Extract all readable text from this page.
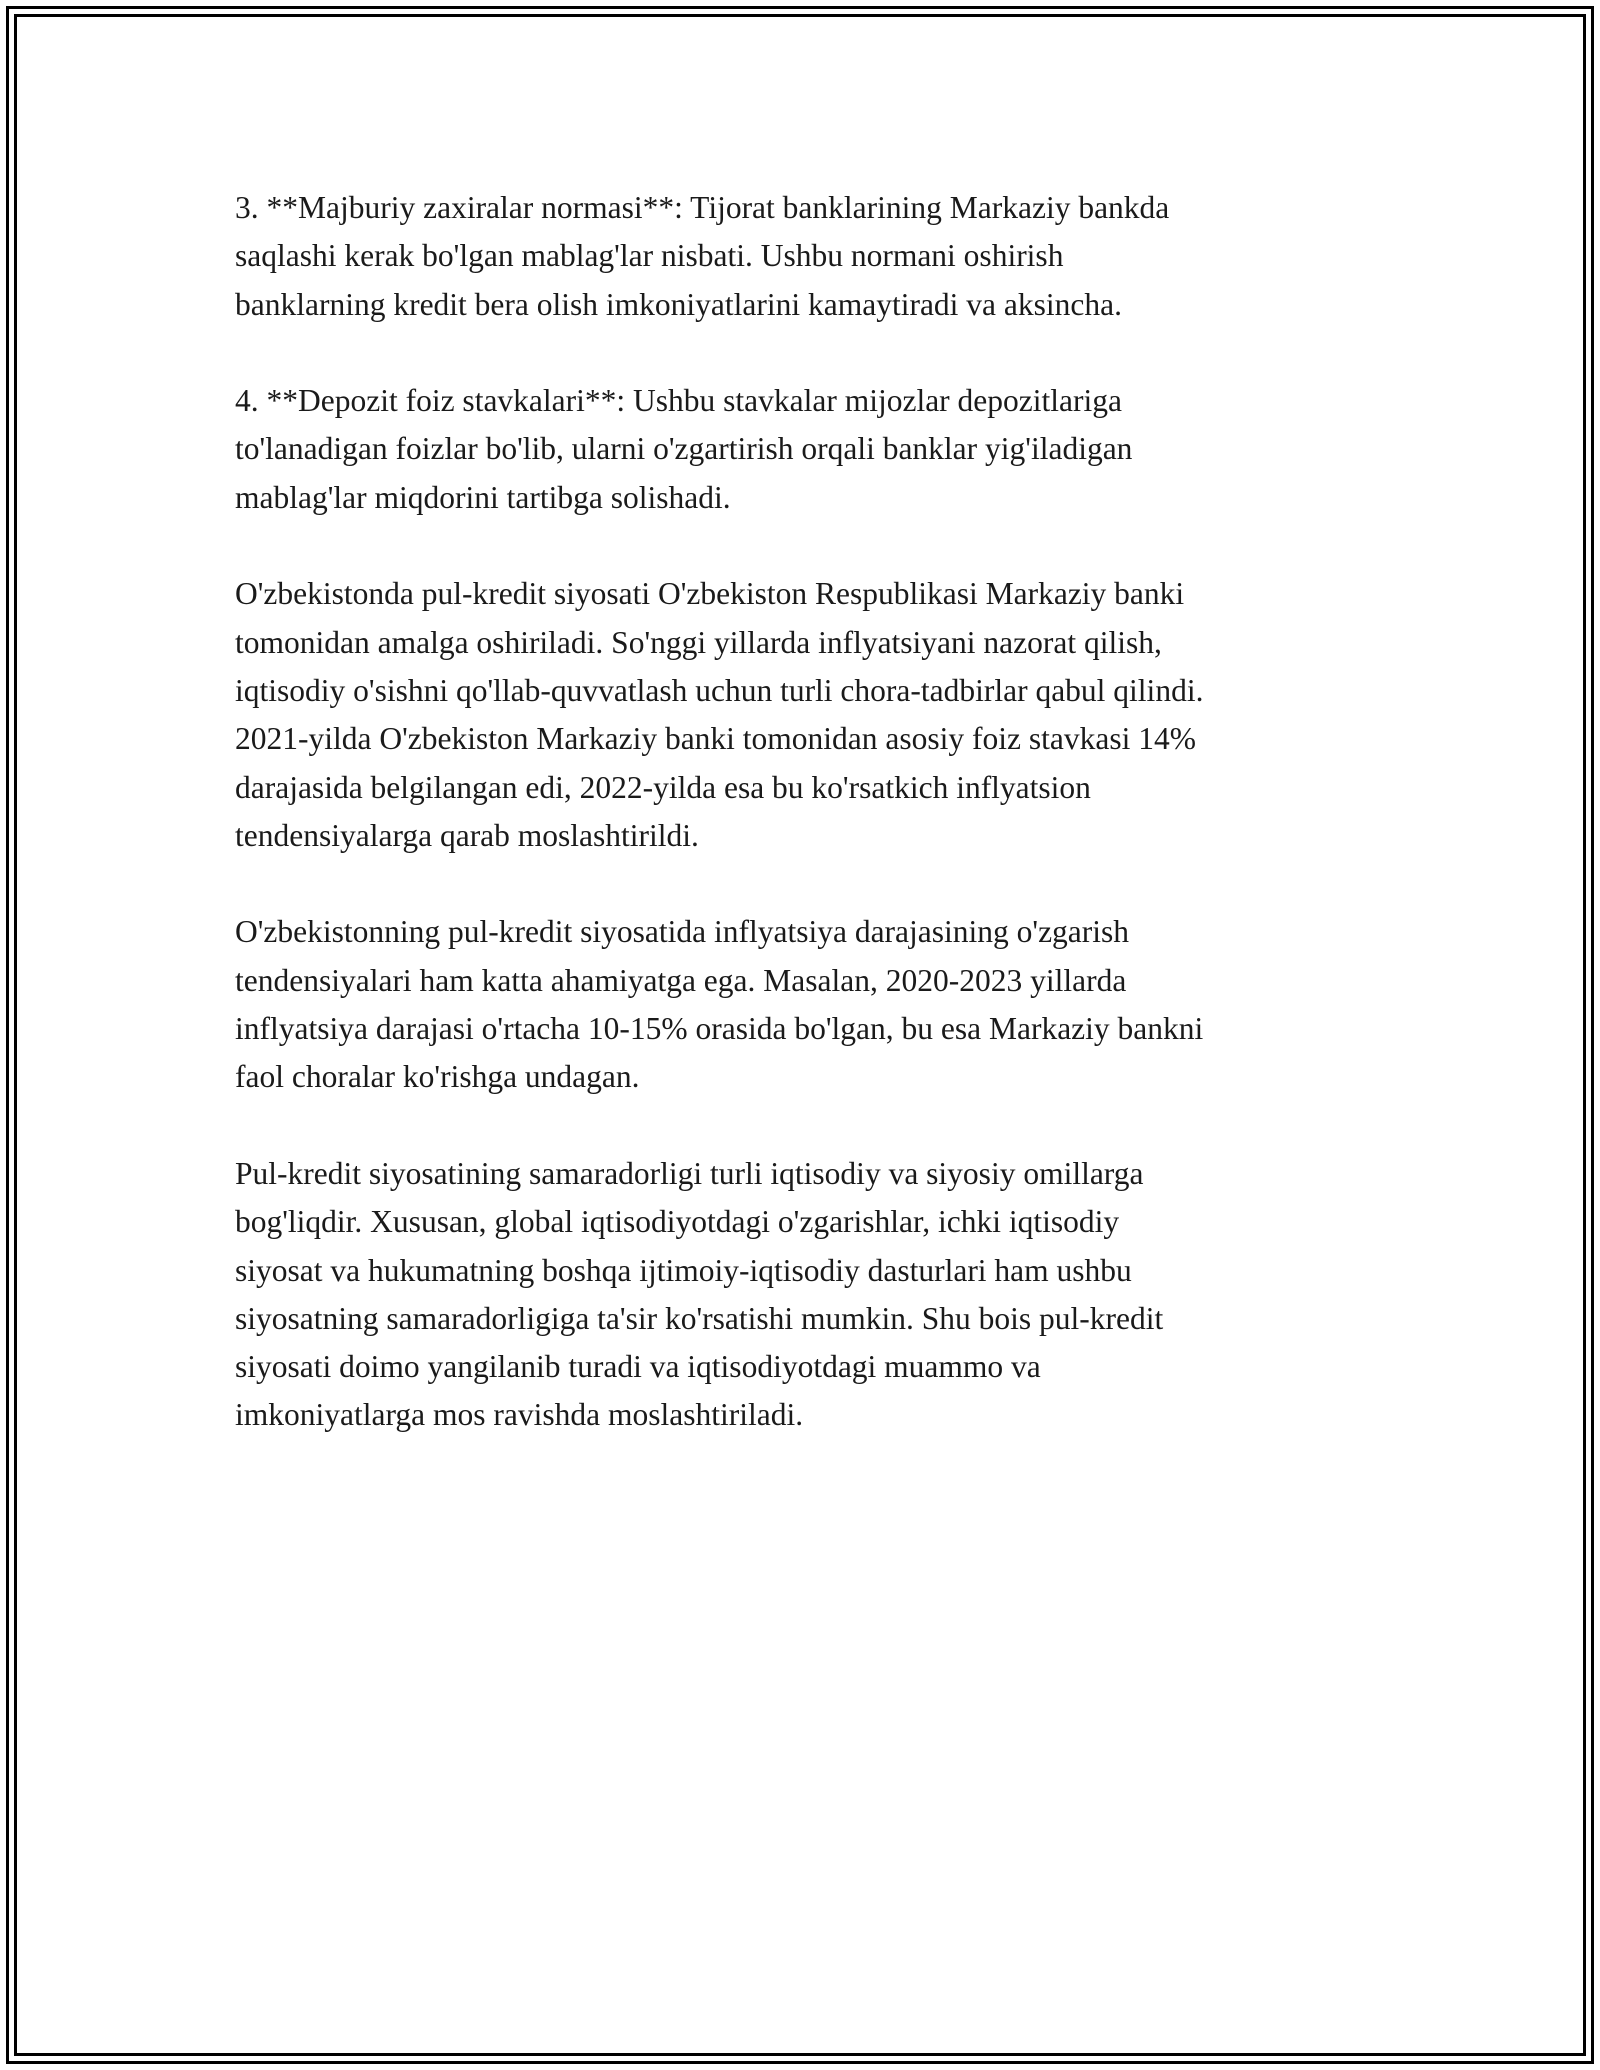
3. **Majburiy zaxiralar normasi**: Tijorat banklarining Markaziy bankda
saqlashi kerak bo'lgan mablag'lar nisbati. Ushbu normani oshirish
banklarning kredit bera olish imkoniyatlarini kamaytiradi va aksincha.

4. **Depozit foiz stavkalari**: Ushbu stavkalar mijozlar depozitlariga
to'lanadigan foizlar bo'lib, ularni o'zgartirish orqali banklar yig'iladigan
mablag'lar miqdorini tartibga solishadi.

O'zbekistonda pul-kredit siyosati O'zbekiston Respublikasi Markaziy banki
tomonidan amalga oshiriladi. So'nggi yillarda inflyatsiyani nazorat qilish,
iqtisodiy o'sishni qo'llab-quvvatlash uchun turli chora-tadbirlar qabul qilindi.
2021-yilda O'zbekiston Markaziy banki tomonidan asosiy foiz stavkasi 14%
darajasida belgilangan edi, 2022-yilda esa bu ko'rsatkich inflyatsion
tendensiyalarga qarab moslashtirildi.

O'zbekistonning pul-kredit siyosatida inflyatsiya darajasining o'zgarish
tendensiyalari ham katta ahamiyatga ega. Masalan, 2020-2023 yillarda
inflyatsiya darajasi o'rtacha 10-15% orasida bo'lgan, bu esa Markaziy bankni
faol choralar ko'rishga undagan.

Pul-kredit siyosatining samaradorligi turli iqtisodiy va siyosiy omillarga
bog'liqdir. Xususan, global iqtisodiyotdagi o'zgarishlar, ichki iqtisodiy
siyosat va hukumatning boshqa ijtimoiy-iqtisodiy dasturlari ham ushbu
siyosatning samaradorligiga ta'sir ko'rsatishi mumkin. Shu bois pul-kredit
siyosati doimo yangilanib turadi va iqtisodiyotdagi muammo va
imkoniyatlarga mos ravishda moslashtiriladi.
